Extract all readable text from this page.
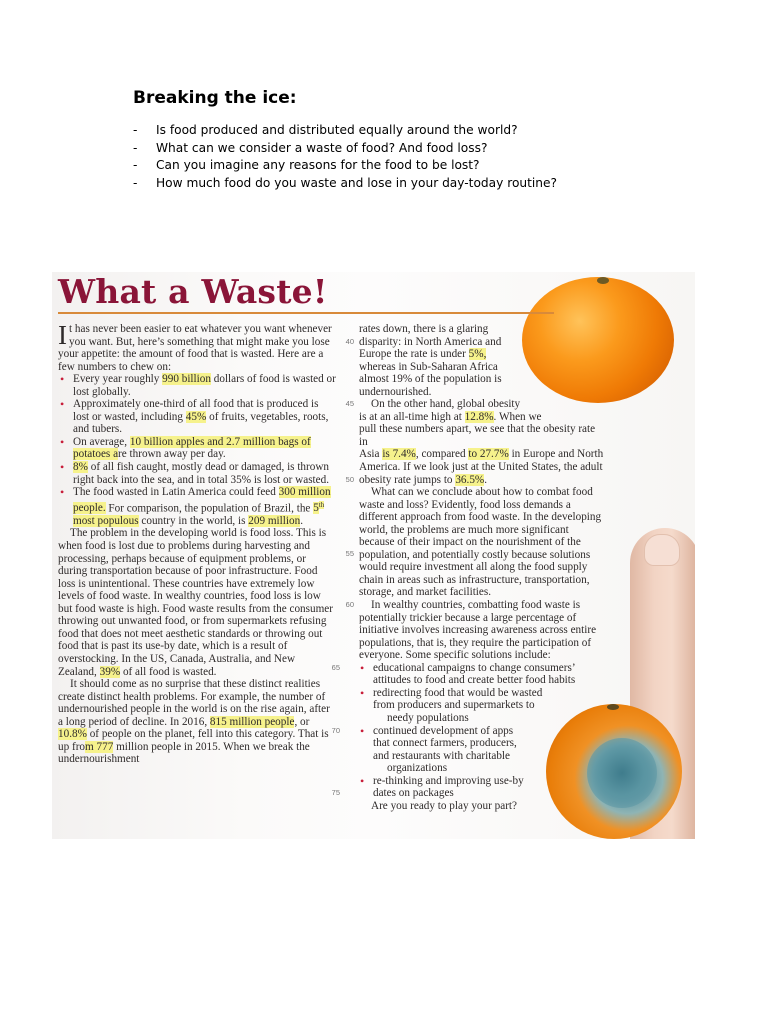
Breaking the ice:
- Is food produced and distributed equally around the world?
- What can we consider a waste of food? And food loss?
- Can you imagine any reasons for the food to be lost?
- How much food do you waste and lose in your day-today routine?
What a Waste!

It has never been easier to eat whatever you want whenever you want. But, here’s something that might make you lose your appetite: the amount of food that is wasted. Here are a few numbers to chew on:

• Every year roughly 990 billion dollars of food is wasted or lost globally.
• Approximately one-third of all food that is produced is lost or wasted, including 45% of fruits, vegetables, roots, and tubers.
• On average, 10 billion apples and 2.7 million bags of potatoes are thrown away per day.
• 8% of all fish caught, mostly dead or damaged, is thrown right back into the sea, and in total 35% is lost or wasted.
• The food wasted in Latin America could feed 300 million people. For comparison, the population of Brazil, the 5th most populous country in the world, is 209 million.

The problem in the developing world is food loss. This is when food is lost due to problems during harvesting and processing, perhaps because of equipment problems, or during transportation because of poor infrastructure. Food loss is unintentional. These countries have extremely low levels of food waste. In wealthy countries, food loss is low but food waste is high. Food waste results from the consumer throwing out unwanted food, or from supermarkets refusing food that does not meet aesthetic standards or throwing out food that is past its use-by date, which is a result of overstocking. In the US, Canada, Australia, and New Zealand, 39% of all food is wasted.

It should come as no surprise that these distinct realities create distinct health problems. For example, the number of undernourished people in the world is on the rise again, after a long period of decline. In 2016, 815 million people, or 10.8% of people on the planet, fell into this category. That is up from 777 million people in 2015. When we break the undernourishment

rates down, there is a glaring
40 disparity: in North America and
Europe the rate is under 5%,
whereas in Sub-Saharan Africa
almost 19% of the population is
undernourished.
45 On the other hand, global obesity
is at an all-time high at 12.8%. When we
pull these numbers apart, we see that the obesity rate in
Asia is 7.4%, compared to 27.7% in Europe and North
America. If we look just at the United States, the adult
50 obesity rate jumps to 36.5%.
55

What can we conclude about how to combat food waste and loss? Evidently, food loss demands a different approach from food waste. In the developing world, the problems are much more significant because of their impact on the nourishment of the population, and potentially costly because solutions would require investment all along the food supply chain in areas such as infrastructure, transportation, storage, and market facilities.

60	In wealthy countries, combatting food waste is potentially trickier because a large percentage of initiative involves increasing awareness across entire populations, that is, they require the participation of everyone. Some specific solutions include:

• 65	educational campaigns to change consumers’
attitudes to food and create better food habits
• redirecting food that would be wasted
from producers and supermarkets to
needy populations
• 70	continued development of apps
that connect farmers, producers,
and restaurants with charitable
organizations
• re-thinking and improving use-by

75	dates on packages

Are you ready to play your part?
